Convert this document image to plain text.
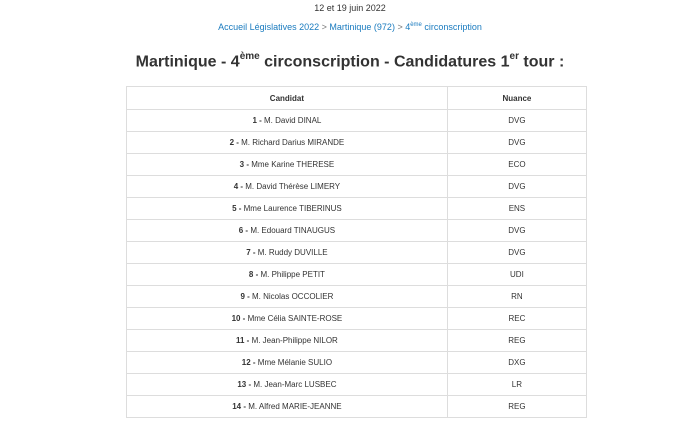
12 et 19 juin 2022
Accueil Législatives 2022 > Martinique (972) > 4ème circonscription
Martinique - 4ème circonscription - Candidatures 1er tour :
Candidat	Nuance
1 - M. David DINAL	DVG
2 - M. Richard Darius MIRANDE	DVG
3 - Mme Karine THERESE	ECO
4 - M. David Thérèse LIMERY	DVG
5 - Mme Laurence TIBERINUS	ENS
6 - M. Edouard TINAUGUS	DVG
7 - M. Ruddy DUVILLE	DVG
8 - M. Philippe PETIT	UDI
9 - M. Nicolas OCCOLIER	RN
10 - Mme Célia SAINTE-ROSE	REC
11 - M. Jean-Philippe NILOR	REG
12 - Mme Mélanie SULIO	DXG
13 - M. Jean-Marc LUSBEC	LR
14 - M. Alfred MARIE-JEANNE	REG
